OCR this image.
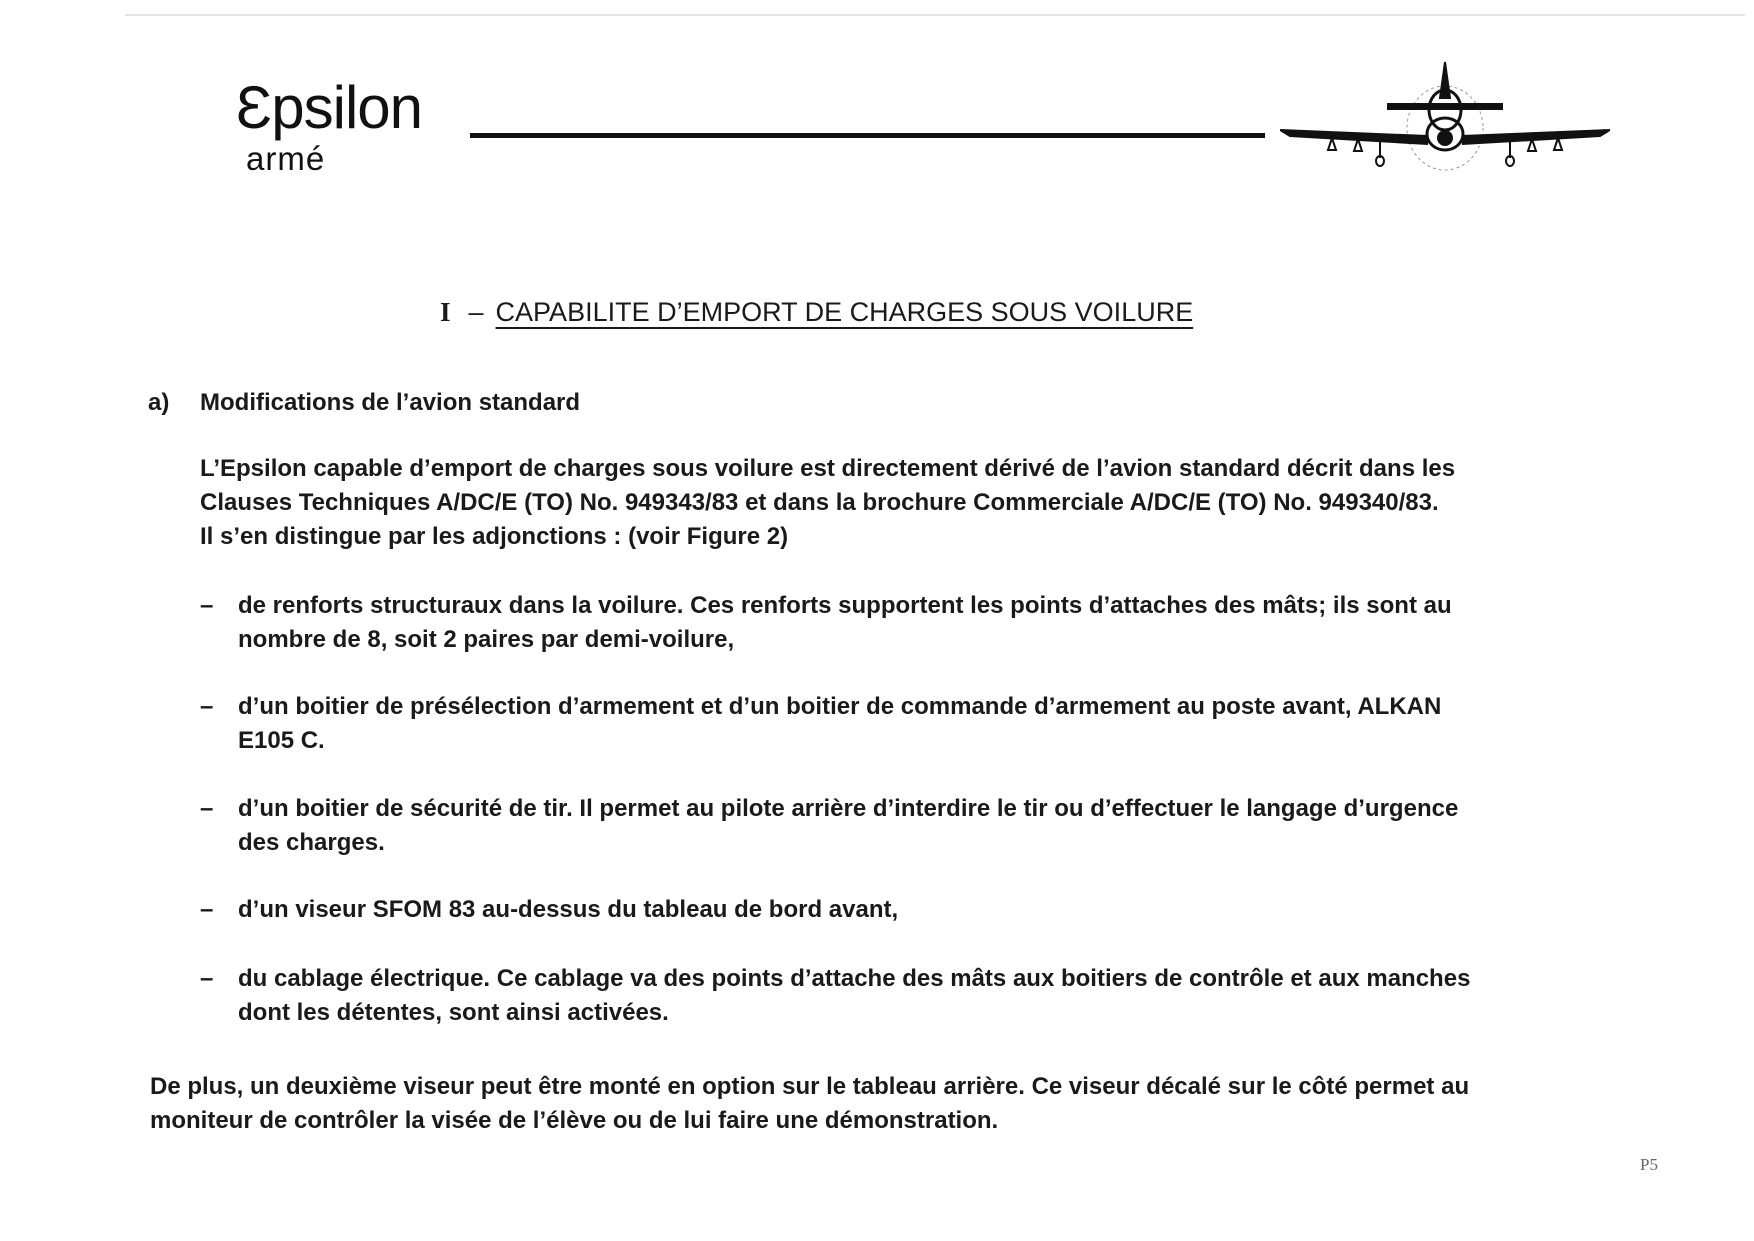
Ɛpsilon
armé
I – CAPABILITE D’EMPORT DE CHARGES SOUS VOILURE
a) Modifications de l’avion standard
L’Epsilon capable d’emport de charges sous voilure est directement dérivé de l’avion standard décrit dans les
Clauses Techniques A/DC/E (TO) No. 949343/83 et dans la brochure Commerciale A/DC/E (TO) No. 949340/83.
Il s’en distingue par les adjonctions : (voir Figure 2)
– de renforts structuraux dans la voilure. Ces renforts supportent les points d’attaches des mâts; ils sont au
nombre de 8, soit 2 paires par demi-voilure,
– d’un boitier de présélection d’armement et d’un boitier de commande d’armement au poste avant, ALKAN
E105 C.
– d’un boitier de sécurité de tir. Il permet au pilote arrière d’interdire le tir ou d’effectuer le langage d’urgence
des charges.
– d’un viseur SFOM 83 au-dessus du tableau de bord avant,
– du cablage électrique. Ce cablage va des points d’attache des mâts aux boitiers de contrôle et aux manches
dont les détentes, sont ainsi activées.
De plus, un deuxième viseur peut être monté en option sur le tableau arrière. Ce viseur décalé sur le côté permet au
moniteur de contrôler la visée de l’élève ou de lui faire une démonstration.
P5
